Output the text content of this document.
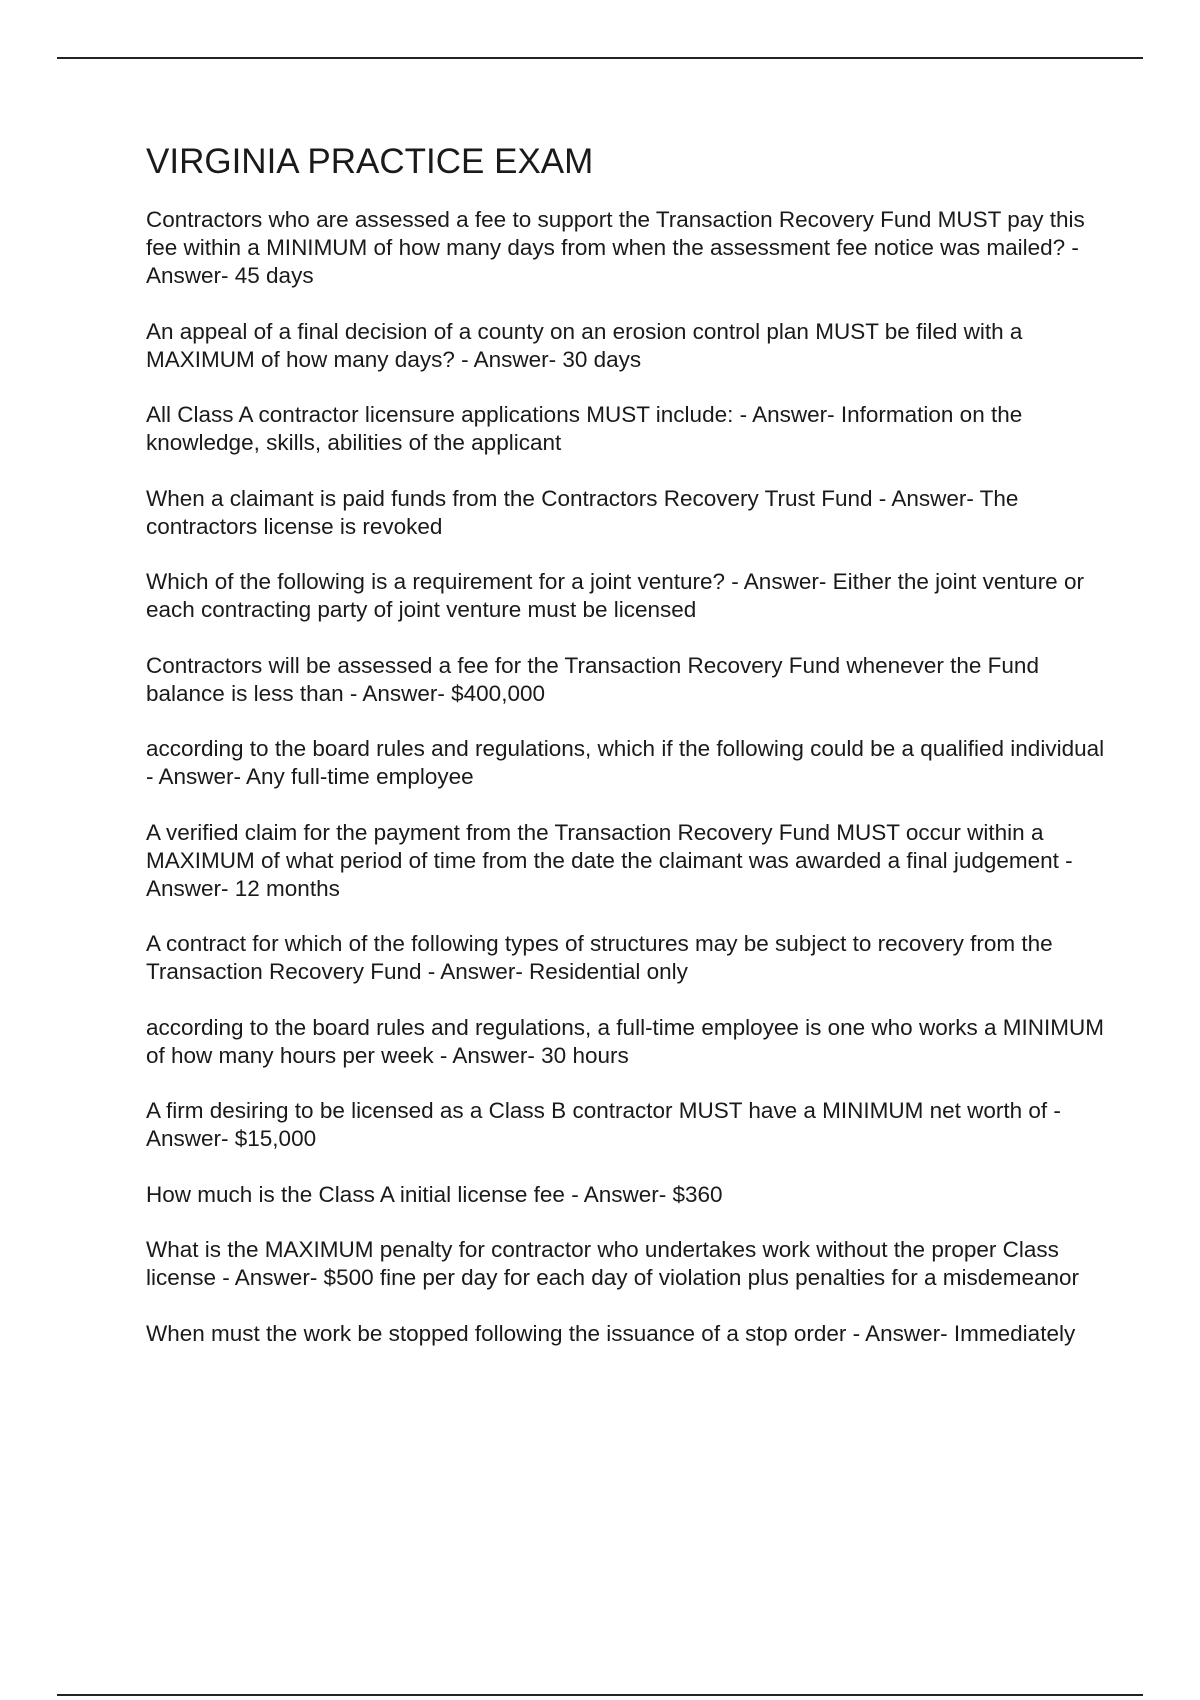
VIRGINIA PRACTICE EXAM
Contractors who are assessed a fee to support the Transaction Recovery Fund MUST pay this fee within a MINIMUM of how many days from when the assessment fee notice was mailed? - Answer- 45 days
An appeal of a final decision of a county on an erosion control plan MUST be filed with a MAXIMUM of how many days? - Answer- 30 days
All Class A contractor licensure applications MUST include: - Answer- Information on the knowledge, skills, abilities of the applicant
When a claimant is paid funds from the Contractors Recovery Trust Fund - Answer- The contractors license is revoked
Which of the following is a requirement for a joint venture? - Answer- Either the joint venture or each contracting party of joint venture must be licensed
Contractors will be assessed a fee for the Transaction Recovery Fund whenever the Fund balance is less than - Answer- $400,000
according to the board rules and regulations, which if the following could be a qualified individual - Answer- Any full-time employee
A verified claim for the payment from the Transaction Recovery Fund MUST occur within a MAXIMUM of what period of time from the date the claimant was awarded a final judgement - Answer- 12 months
A contract for which of the following types of structures may be subject to recovery from the Transaction Recovery Fund - Answer- Residential only
according to the board rules and regulations, a full-time employee is one who works a MINIMUM of how many hours per week - Answer- 30 hours
A firm desiring to be licensed as a Class B contractor MUST have a MINIMUM net worth of - Answer- $15,000
How much is the Class A initial license fee - Answer- $360
What is the MAXIMUM penalty for contractor who undertakes work without the proper Class license - Answer- $500 fine per day for each day of violation plus penalties for a misdemeanor
When must the work be stopped following the issuance of a stop order - Answer- Immediately
